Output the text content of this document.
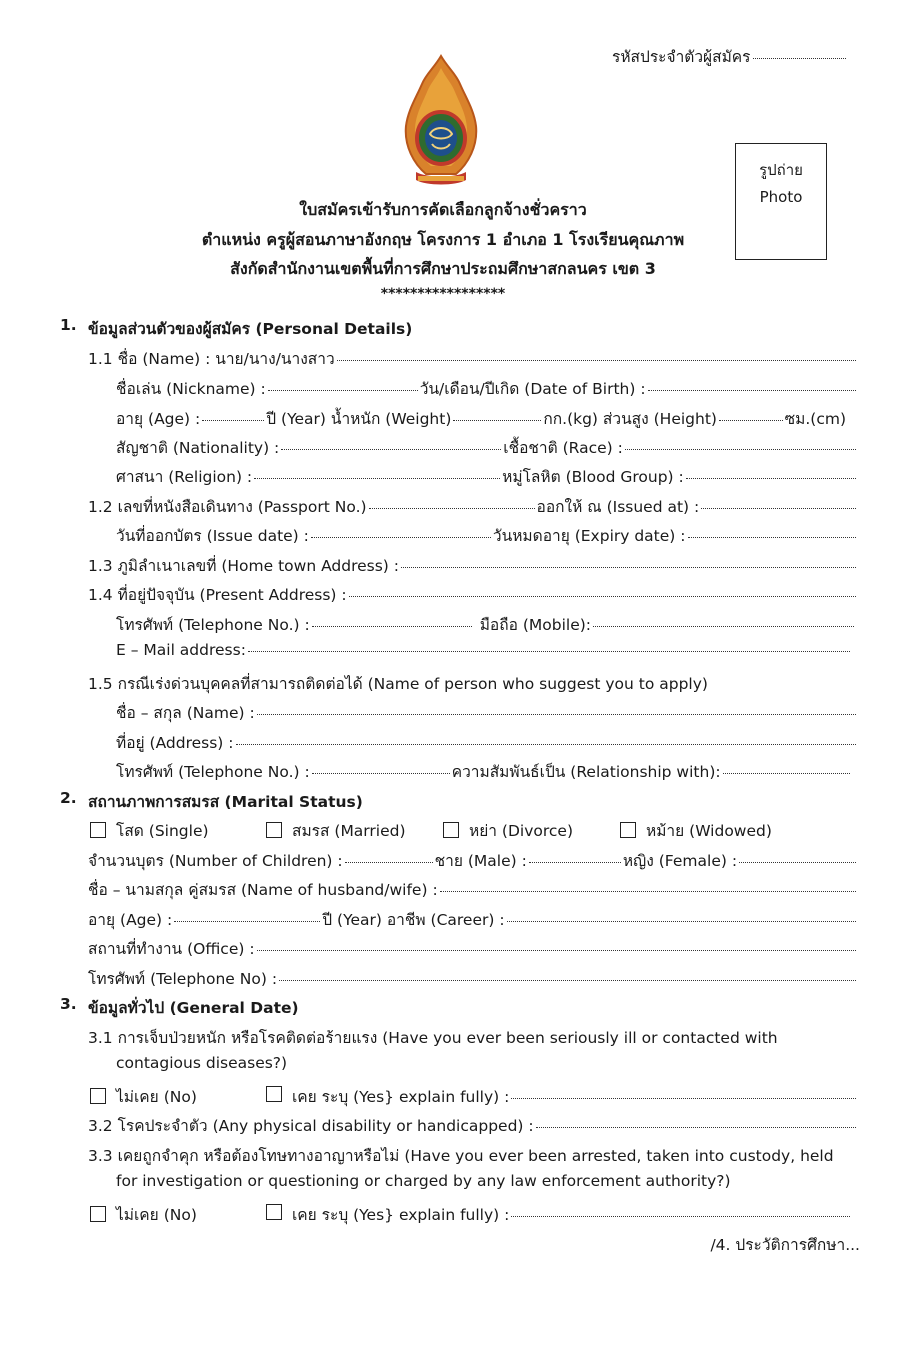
รหัสประจำตัวผู้สมัคร
รูปถ่าย
Photo
ใบสมัครเข้ารับการคัดเลือกลูกจ้างชั่วคราว
ตำแหน่ง ครูผู้สอนภาษาอังกฤษ โครงการ 1 อำเภอ 1 โรงเรียนคุณภาพ
สังกัดสำนักงานเขตพื้นที่การศึกษาประถมศึกษาสกลนคร เขต 3
*****************
1. ข้อมูลส่วนตัวของผู้สมัคร (Personal Details)
1.1 ชื่อ (Name) : นาย/นาง/นางสาว
ชื่อเล่น (Nickname) :	วัน/เดือน/ปีเกิด (Date of Birth) :
อายุ (Age) :	ปี (Year) น้ำหนัก (Weight)	กก.(kg) ส่วนสูง (Height)	ซม.(cm)
สัญชาติ (Nationality) :	เชื้อชาติ (Race) :
ศาสนา (Religion) :	หมู่โลหิต (Blood Group) :
1.2 เลขที่หนังสือเดินทาง (Passport No.)	ออกให้ ณ (Issued at) :
วันที่ออกบัตร (Issue date) :	วันหมดอายุ (Expiry date) :
1.3 ภูมิลำเนาเลขที่ (Home town Address) :
1.4 ที่อยู่ปัจจุบัน (Present Address) :
โทรศัพท์ (Telephone No.) :	มือถือ (Mobile):
E – Mail address:
1.5 กรณีเร่งด่วนบุคคลที่สามารถติดต่อได้ (Name of person who suggest you to apply)
ชื่อ – สกุล (Name) :
ที่อยู่ (Address) :
โทรศัพท์ (Telephone No.) :	ความสัมพันธ์เป็น (Relationship with):
2. สถานภาพการสมรส (Marital Status)
โสด (Single)	สมรส (Married)	หย่า (Divorce)	หม้าย (Widowed)
จำนวนบุตร (Number of Children) :	ชาย (Male) :	หญิง (Female) :
ชื่อ – นามสกุล คู่สมรส (Name of husband/wife) :
อายุ (Age) :	ปี (Year) อาชีพ (Career) :
สถานที่ทำงาน (Office) :
โทรศัพท์ (Telephone No) :
3. ข้อมูลทั่วไป (General Date)
3.1 การเจ็บป่วยหนัก หรือโรคติดต่อร้ายแรง (Have you ever been seriously ill or contacted with
contagious diseases?)
ไม่เคย (No)	เคย ระบุ (Yes} explain fully) :
3.2 โรคประจำตัว (Any physical disability or handicapped) :
3.3 เคยถูกจำคุก หรือต้องโทษทางอาญาหรือไม่ (Have you ever been arrested, taken into custody, held
for investigation or questioning or charged by any law enforcement authority?)
ไม่เคย (No)	เคย ระบุ (Yes} explain fully) :
/4. ประวัติการศึกษา...
